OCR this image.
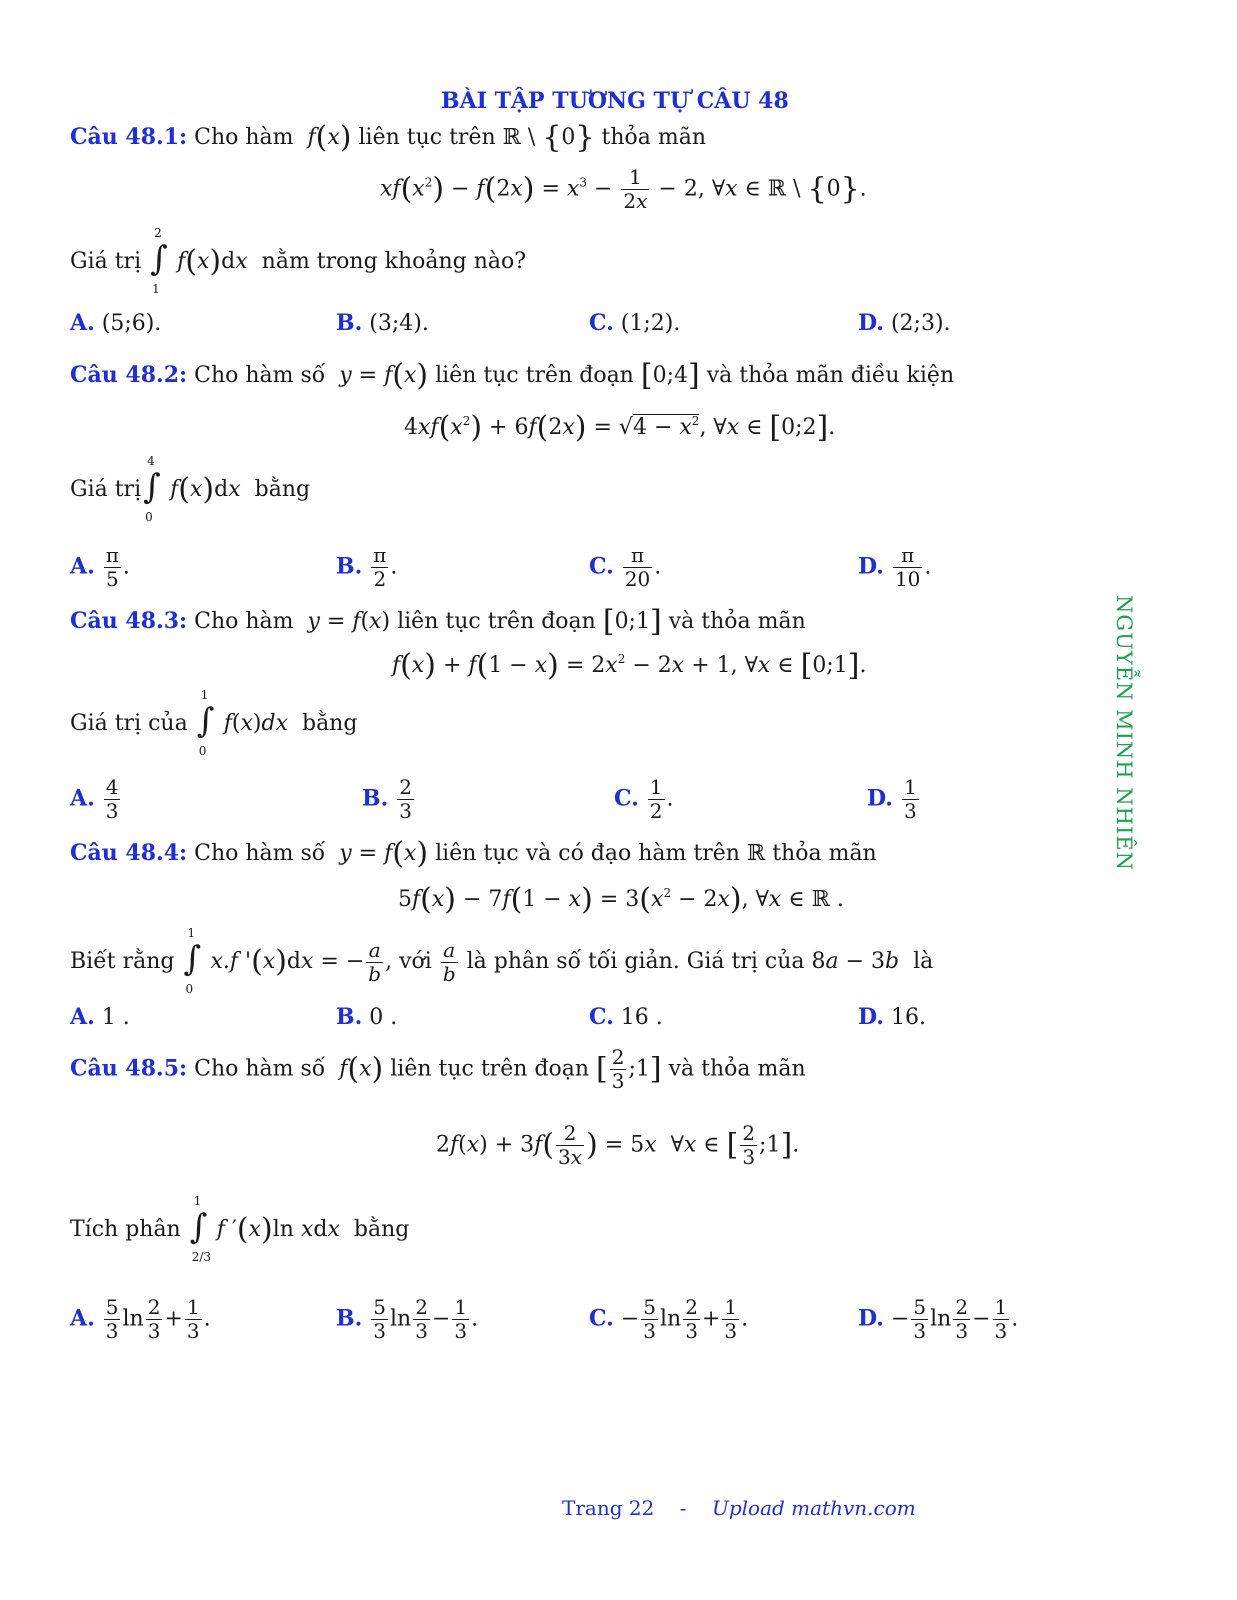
BÀI TẬP TƯƠNG TỰ CÂU 48
Câu 48.1: Cho hàm  f(x) liên tục trên ℝ \ {0} thỏa mãn
$xf(x^2) - f(2x) = x^3 - \frac{1}{2x} - 2$, ∀x ∈ ℝ \ {0}.
Giá trị
2
∫
1
f(x)dx nằm trong khoảng nào?
A. (5;6).	B. (3;4).	C. (1;2).	D. (2;3).
Câu 48.2: Cho hàm số  y = f(x) liên tục trên đoạn [0;4] và thỏa mãn điều kiện
$4xf(x^2) + 6f(2x) = √4 - x^2$, ∀x ∈ [0;2].
Giá trị
4
∫
0
f(x)dx bằng
A. $\frac{\pi}{5}$ .	B. $\frac{\pi}{2}$ .	C. $\frac{\pi}{20}$ .	D. $\frac{\pi}{10}$ .
Câu 48.3: Cho hàm  y = f(x) liên tục trên đoạn [0;1] và thỏa mãn
$f(x) + f(1 - x) = 2x^2 - 2x + 1$, ∀x ∈ [0;1].
Giá trị của
1
∫
0
f(x)dx bằng
A. $\frac{4}{3}$	B. $\frac{2}{3}$	C. $\frac{1}{2}$ .	D. $\frac{1}{3}$
Câu 48.4: Cho hàm số  y = f(x) liên tục và có đạo hàm trên ℝ thỏa mãn
$5f(x) - 7f(1 - x) = 3(x^2 - 2x)$, ∀x ∈ ℝ .
Biết rằng
1
∫
0
x.f '(x)dx = − $\frac{a}{b}$ , với $\frac{a}{b}$ là phân số tối giản. Giá trị của 8a − 3b là
A. 1 .	B. 0 .	C. 16 .	D. 16.
Câu 48.5: Cho hàm số  f(x) liên tục trên đoạn [ $\frac{2}{3}$ ;1] và thỏa mãn
$2f(x) + 3f( \frac{2}{3x}$ ) = 5x  ∀x ∈ [ $\frac{2}{3}$ ;1].
Tích phân
1
∫
2/3
f ′(x)ln xdx bằng
A. $\frac{5}{3}$ $\ln \frac{2}{3} + \frac{1}{3}$ .	B. $\frac{5}{3}$ $\ln \frac{2}{3} - \frac{1}{3}$ .	C. − $\frac{5}{3}$ $\ln \frac{2}{3} + \frac{1}{3}$ .	D. − $\frac{5}{3}$ $\ln \frac{2}{3} - \frac{1}{3}$ .
NGUYỄN MINH NHIÊN
Trang 22 - Upload mathvn.com
